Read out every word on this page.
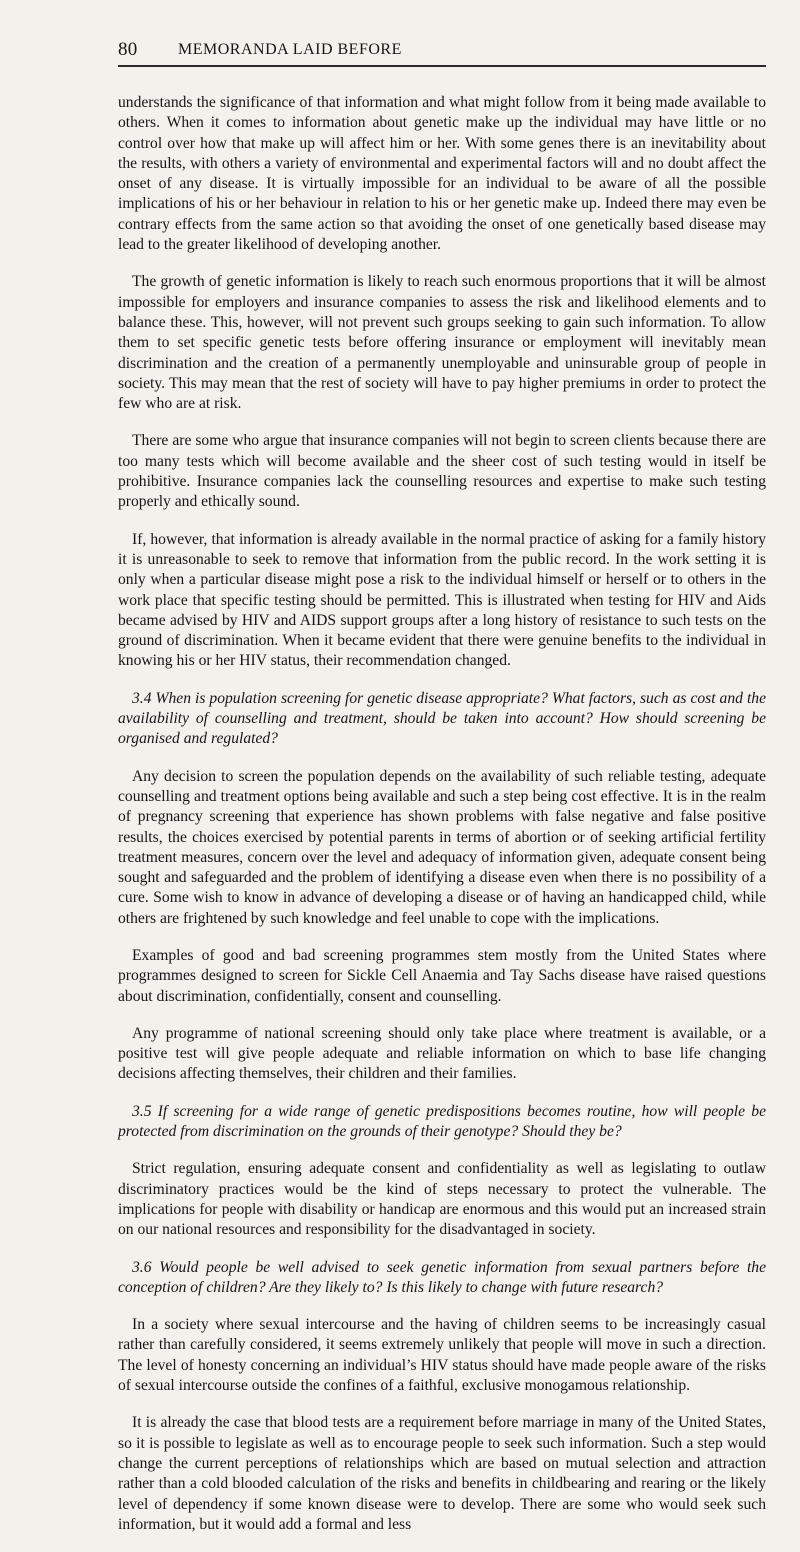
80	MEMORANDA LAID BEFORE

understands the significance of that information and what might follow from it being made available to others. When it comes to information about genetic make up the individual may have little or no control over how that make up will affect him or her. With some genes there is an inevitability about the results, with others a variety of environmental and experimental factors will and no doubt affect the onset of any disease. It is virtually impossible for an individual to be aware of all the possible implications of his or her behaviour in relation to his or her genetic make up. Indeed there may even be contrary effects from the same action so that avoiding the onset of one genetically based disease may lead to the greater likelihood of developing another.

The growth of genetic information is likely to reach such enormous proportions that it will be almost impossible for employers and insurance companies to assess the risk and likelihood elements and to balance these. This, however, will not prevent such groups seeking to gain such information. To allow them to set specific genetic tests before offering insurance or employment will inevitably mean discrimination and the creation of a permanently unemployable and uninsurable group of people in society. This may mean that the rest of society will have to pay higher premiums in order to protect the few who are at risk.

There are some who argue that insurance companies will not begin to screen clients because there are too many tests which will become available and the sheer cost of such testing would in itself be prohibitive. Insurance companies lack the counselling resources and expertise to make such testing properly and ethically sound.

If, however, that information is already available in the normal practice of asking for a family history it is unreasonable to seek to remove that information from the public record. In the work setting it is only when a particular disease might pose a risk to the individual himself or herself or to others in the work place that specific testing should be permitted. This is illustrated when testing for HIV and Aids became advised by HIV and AIDS support groups after a long history of resistance to such tests on the ground of discrimination. When it became evident that there were genuine benefits to the individual in knowing his or her HIV status, their recommendation changed.

3.4 When is population screening for genetic disease appropriate? What factors, such as cost and the availability of counselling and treatment, should be taken into account? How should screening be organised and regulated?

Any decision to screen the population depends on the availability of such reliable testing, adequate counselling and treatment options being available and such a step being cost effective. It is in the realm of pregnancy screening that experience has shown problems with false negative and false positive results, the choices exercised by potential parents in terms of abortion or of seeking artificial fertility treatment measures, concern over the level and adequacy of information given, adequate consent being sought and safeguarded and the problem of identifying a disease even when there is no possibility of a cure. Some wish to know in advance of developing a disease or of having an handicapped child, while others are frightened by such knowledge and feel unable to cope with the implications.

Examples of good and bad screening programmes stem mostly from the United States where programmes designed to screen for Sickle Cell Anaemia and Tay Sachs disease have raised questions about discrimination, confidentially, consent and counselling.

Any programme of national screening should only take place where treatment is available, or a positive test will give people adequate and reliable information on which to base life changing decisions affecting themselves, their children and their families.

3.5 If screening for a wide range of genetic predispositions becomes routine, how will people be protected from discrimination on the grounds of their genotype? Should they be?

Strict regulation, ensuring adequate consent and confidentiality as well as legislating to outlaw discriminatory practices would be the kind of steps necessary to protect the vulnerable. The implications for people with disability or handicap are enormous and this would put an increased strain on our national resources and responsibility for the disadvantaged in society.

3.6 Would people be well advised to seek genetic information from sexual partners before the conception of children? Are they likely to? Is this likely to change with future research?

In a society where sexual intercourse and the having of children seems to be increasingly casual rather than carefully considered, it seems extremely unlikely that people will move in such a direction. The level of honesty concerning an individual’s HIV status should have made people aware of the risks of sexual intercourse outside the confines of a faithful, exclusive monogamous relationship.

It is already the case that blood tests are a requirement before marriage in many of the United States, so it is possible to legislate as well as to encourage people to seek such information. Such a step would change the current perceptions of relationships which are based on mutual selection and attraction rather than a cold blooded calculation of the risks and benefits in childbearing and rearing or the likely level of dependency if some known disease were to develop. There are some who would seek such information, but it would add a formal and less
